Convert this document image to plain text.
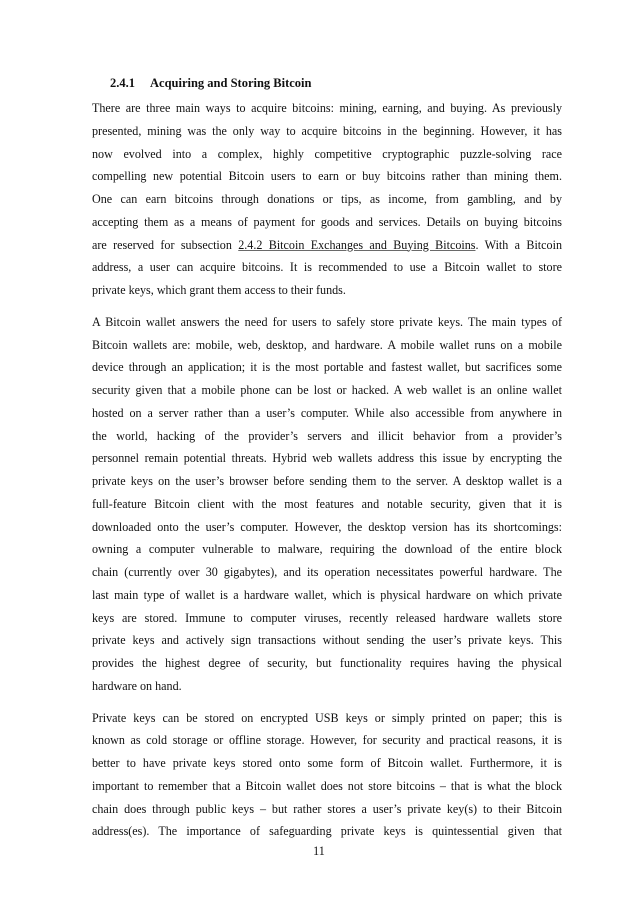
2.4.1 Acquiring and Storing Bitcoin

There are three main ways to acquire bitcoins: mining, earning, and buying. As previously
presented, mining was the only way to acquire bitcoins in the beginning. However, it has
now evolved into a complex, highly competitive cryptographic puzzle-solving race
compelling new potential Bitcoin users to earn or buy bitcoins rather than mining them.
One can earn bitcoins through donations or tips, as income, from gambling, and by
accepting them as a means of payment for goods and services. Details on buying bitcoins
are reserved for subsection 2.4.2 Bitcoin Exchanges and Buying Bitcoins. With a Bitcoin
address, a user can acquire bitcoins. It is recommended to use a Bitcoin wallet to store
private keys, which grant them access to their funds.

A Bitcoin wallet answers the need for users to safely store private keys. The main types of
Bitcoin wallets are: mobile, web, desktop, and hardware. A mobile wallet runs on a mobile
device through an application; it is the most portable and fastest wallet, but sacrifices some
security given that a mobile phone can be lost or hacked. A web wallet is an online wallet
hosted on a server rather than a user’s computer. While also accessible from anywhere in
the world, hacking of the provider’s servers and illicit behavior from a provider’s
personnel remain potential threats. Hybrid web wallets address this issue by encrypting the
private keys on the user’s browser before sending them to the server. A desktop wallet is a
full-feature Bitcoin client with the most features and notable security, given that it is
downloaded onto the user’s computer. However, the desktop version has its shortcomings:
owning a computer vulnerable to malware, requiring the download of the entire block
chain (currently over 30 gigabytes), and its operation necessitates powerful hardware. The
last main type of wallet is a hardware wallet, which is physical hardware on which private
keys are stored. Immune to computer viruses, recently released hardware wallets store
private keys and actively sign transactions without sending the user’s private keys. This
provides the highest degree of security, but functionality requires having the physical
hardware on hand.

Private keys can be stored on encrypted USB keys or simply printed on paper; this is
known as cold storage or offline storage. However, for security and practical reasons, it is
better to have private keys stored onto some form of Bitcoin wallet. Furthermore, it is
important to remember that a Bitcoin wallet does not store bitcoins – that is what the block
chain does through public keys – but rather stores a user’s private key(s) to their Bitcoin
address(es). The importance of safeguarding private keys is quintessential given that

11
